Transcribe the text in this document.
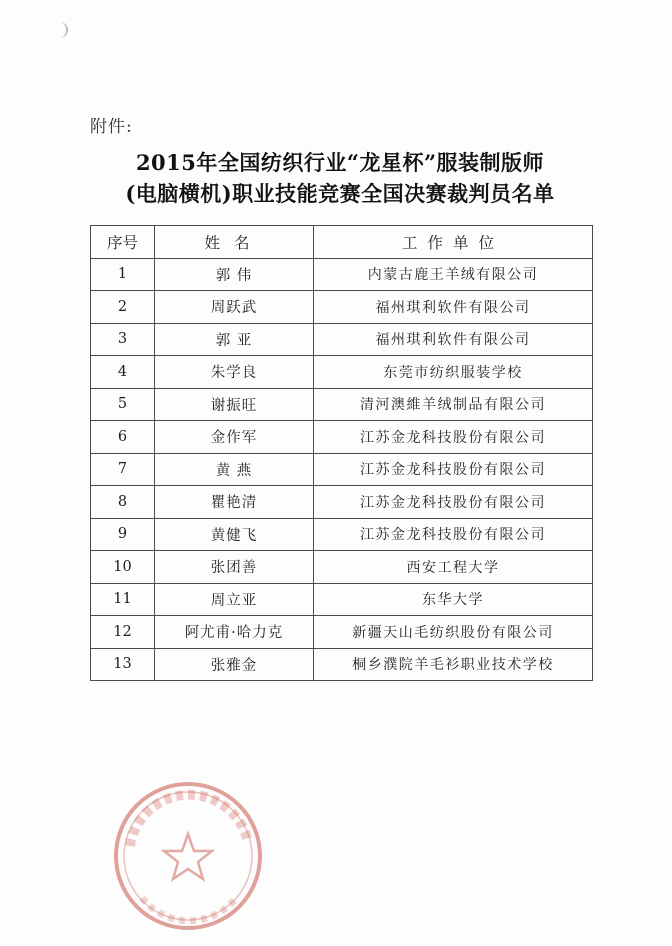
附件:
2015年全国纺织行业“龙星杯”服装制版师
(电脑横机)职业技能竞赛全国决赛裁判员名单
序号	姓名	工作单位
1	郭 伟	内蒙古鹿王羊绒有限公司
2	周跃武	福州琪利软件有限公司
3	郭 亚	福州琪利软件有限公司
4	朱学良	东莞市纺织服装学校
5	谢振旺	清河澳維羊绒制品有限公司
6	金作军	江苏金龙科技股份有限公司
7	黄 燕	江苏金龙科技股份有限公司
8	瞿艳清	江苏金龙科技股份有限公司
9	黄健飞	江苏金龙科技股份有限公司
10	张团善	西安工程大学
11	周立亚	东华大学
12	阿尤甫·哈力克	新疆天山毛纺织股份有限公司
13	张雅金	桐乡濮院羊毛衫职业技术学校
